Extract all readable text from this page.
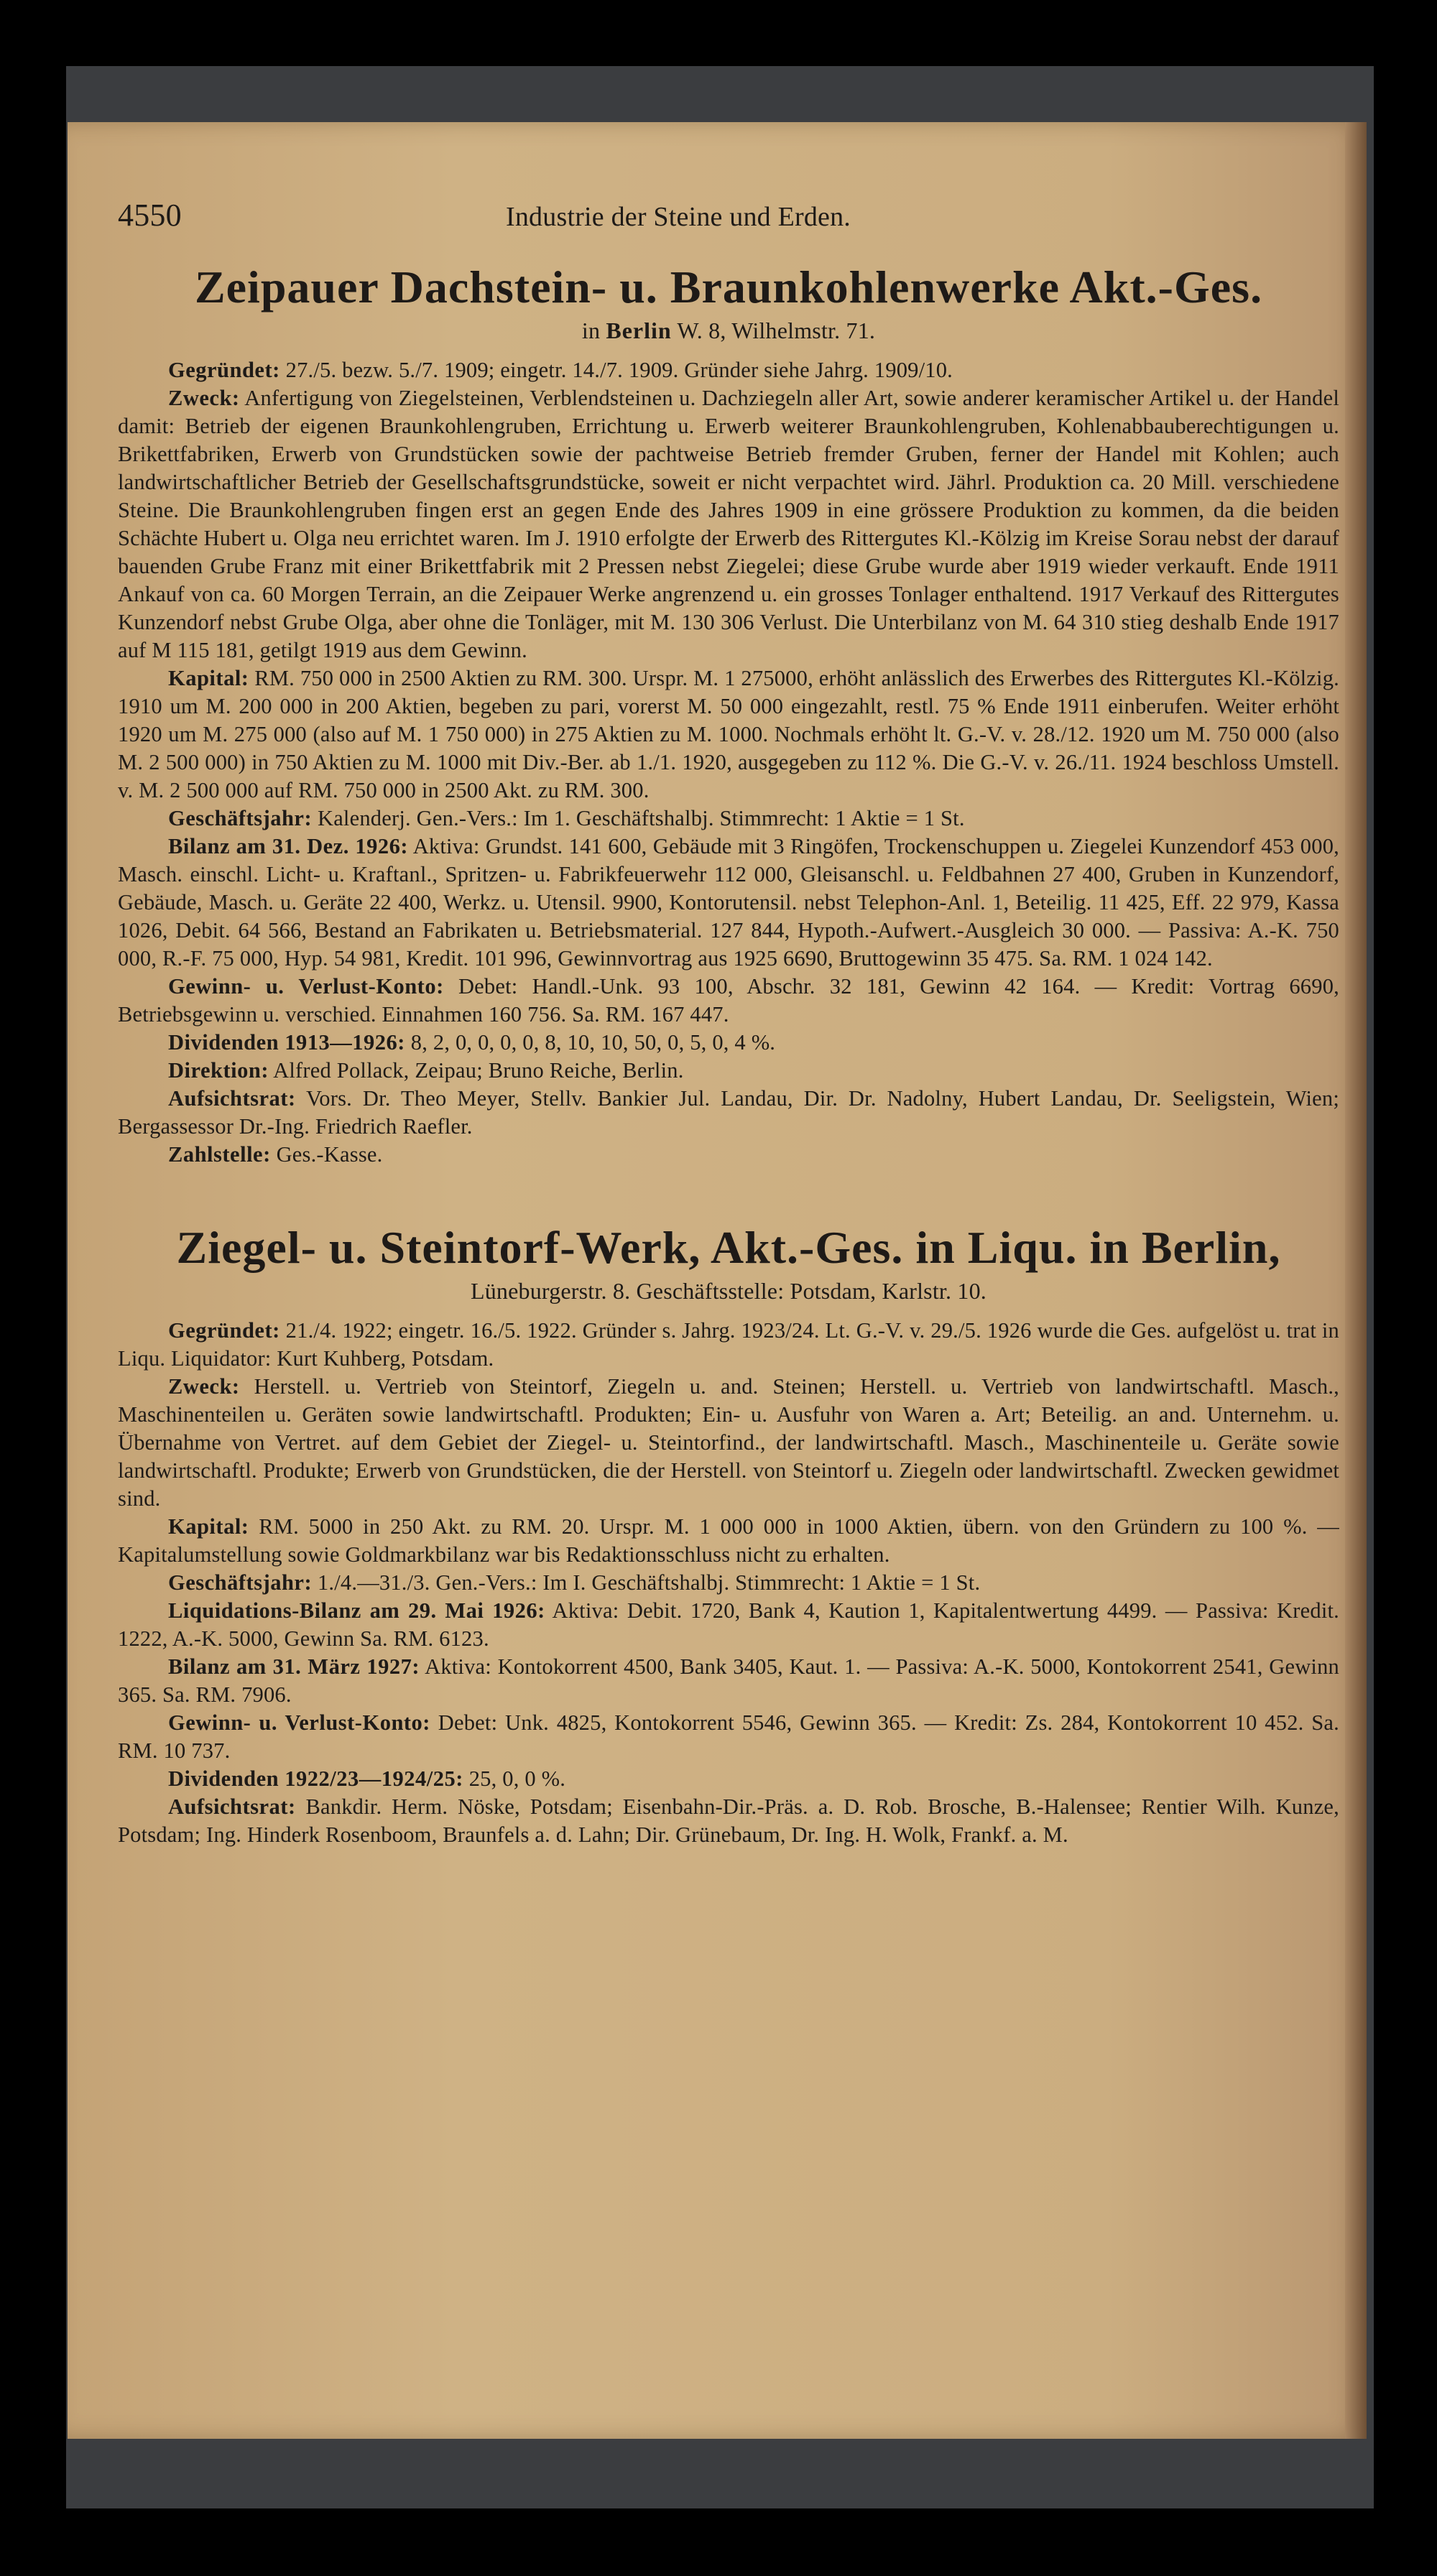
4550	Industrie der Steine und Erden.
Zeipauer Dachstein- u. Braunkohlenwerke Akt.-Ges.
in Berlin W. 8, Wilhelmstr. 71.

Gegründet: 27./5. bezw. 5./7. 1909; eingetr. 14./7. 1909. Gründer siehe Jahrg. 1909/10.

Zweck: Anfertigung von Ziegelsteinen, Verblendsteinen u. Dachziegeln aller Art, sowie anderer keramischer Artikel u. der Handel damit: Betrieb der eigenen Braunkohlengruben, Errichtung u. Erwerb weiterer Braunkohlengruben, Kohlenabbauberechtigungen u. Brikettfabriken, Erwerb von Grundstücken sowie der pachtweise Betrieb fremder Gruben, ferner der Handel mit Kohlen; auch landwirtschaftlicher Betrieb der Gesellschaftsgrundstücke, soweit er nicht verpachtet wird. Jährl. Produktion ca. 20 Mill. verschiedene Steine. Die Braunkohlengruben fingen erst an gegen Ende des Jahres 1909 in eine grössere Produktion zu kommen, da die beiden Schächte Hubert u. Olga neu errichtet waren. Im J. 1910 erfolgte der Erwerb des Rittergutes Kl.-Kölzig im Kreise Sorau nebst der darauf bauenden Grube Franz mit einer Brikettfabrik mit 2 Pressen nebst Ziegelei; diese Grube wurde aber 1919 wieder verkauft. Ende 1911 Ankauf von ca. 60 Morgen Terrain, an die Zeipauer Werke angrenzend u. ein grosses Tonlager enthaltend. 1917 Verkauf des Rittergutes Kunzendorf nebst Grube Olga, aber ohne die Tonläger, mit M. 130 306 Verlust. Die Unterbilanz von M. 64 310 stieg deshalb Ende 1917 auf M 115 181, getilgt 1919 aus dem Gewinn.

Kapital: RM. 750 000 in 2500 Aktien zu RM. 300. Urspr. M. 1 275000, erhöht anlässlich des Erwerbes des Rittergutes Kl.-Kölzig. 1910 um M. 200 000 in 200 Aktien, begeben zu pari, vorerst M. 50 000 eingezahlt, restl. 75 % Ende 1911 einberufen. Weiter erhöht 1920 um M. 275 000 (also auf M. 1 750 000) in 275 Aktien zu M. 1000. Nochmals erhöht lt. G.-V. v. 28./12. 1920 um M. 750 000 (also M. 2 500 000) in 750 Aktien zu M. 1000 mit Div.-Ber. ab 1./1. 1920, ausgegeben zu 112 %. Die G.-V. v. 26./11. 1924 beschloss Umstell. v. M. 2 500 000 auf RM. 750 000 in 2500 Akt. zu RM. 300.

Geschäftsjahr: Kalenderj. Gen.-Vers.: Im 1. Geschäftshalbj. Stimmrecht: 1 Aktie = 1 St.

Bilanz am 31. Dez. 1926: Aktiva: Grundst. 141 600, Gebäude mit 3 Ringöfen, Trockenschuppen u. Ziegelei Kunzendorf 453 000, Masch. einschl. Licht- u. Kraftanl., Spritzen- u. Fabrikfeuerwehr 112 000, Gleisanschl. u. Feldbahnen 27 400, Gruben in Kunzendorf, Gebäude, Masch. u. Geräte 22 400, Werkz. u. Utensil. 9900, Kontorutensil. nebst Telephon-Anl. 1, Beteilig. 11 425, Eff. 22 979, Kassa 1026, Debit. 64 566, Bestand an Fabrikaten u. Betriebsmaterial. 127 844, Hypoth.-Aufwert.-Ausgleich 30 000. — Passiva: A.-K. 750 000, R.-F. 75 000, Hyp. 54 981, Kredit. 101 996, Gewinnvortrag aus 1925 6690, Bruttogewinn 35 475. Sa. RM. 1 024 142.

Gewinn- u. Verlust-Konto: Debet: Handl.-Unk. 93 100, Abschr. 32 181, Gewinn 42 164. — Kredit: Vortrag 6690, Betriebsgewinn u. verschied. Einnahmen 160 756. Sa. RM. 167 447.

Dividenden 1913—1926: 8, 2, 0, 0, 0, 0, 8, 10, 10, 50, 0, 5, 0, 4 %.

Direktion: Alfred Pollack, Zeipau; Bruno Reiche, Berlin.

Aufsichtsrat: Vors. Dr. Theo Meyer, Stellv. Bankier Jul. Landau, Dir. Dr. Nadolny, Hubert Landau, Dr. Seeligstein, Wien; Bergassessor Dr.-Ing. Friedrich Raefler.

Zahlstelle: Ges.-Kasse.

Ziegel- u. Steintorf-Werk, Akt.-Ges. in Liqu. in Berlin,
Lüneburgerstr. 8. Geschäftsstelle: Potsdam, Karlstr. 10.

Gegründet: 21./4. 1922; eingetr. 16./5. 1922. Gründer s. Jahrg. 1923/24. Lt. G.-V. v. 29./5. 1926 wurde die Ges. aufgelöst u. trat in Liqu. Liquidator: Kurt Kuhberg, Potsdam.

Zweck: Herstell. u. Vertrieb von Steintorf, Ziegeln u. and. Steinen; Herstell. u. Vertrieb von landwirtschaftl. Masch., Maschinenteilen u. Geräten sowie landwirtschaftl. Produkten; Ein- u. Ausfuhr von Waren a. Art; Beteilig. an and. Unternehm. u. Übernahme von Vertret. auf dem Gebiet der Ziegel- u. Steintorfind., der landwirtschaftl. Masch., Maschinenteile u. Geräte sowie landwirtschaftl. Produkte; Erwerb von Grundstücken, die der Herstell. von Steintorf u. Ziegeln oder landwirtschaftl. Zwecken gewidmet sind.

Kapital: RM. 5000 in 250 Akt. zu RM. 20. Urspr. M. 1 000 000 in 1000 Aktien, übern. von den Gründern zu 100 %. — Kapitalumstellung sowie Goldmarkbilanz war bis Redaktionsschluss nicht zu erhalten.

Geschäftsjahr: 1./4.—31./3. Gen.-Vers.: Im I. Geschäftshalbj. Stimmrecht: 1 Aktie = 1 St.

Liquidations-Bilanz am 29. Mai 1926: Aktiva: Debit. 1720, Bank 4, Kaution 1, Kapitalentwertung 4499. — Passiva: Kredit. 1222, A.-K. 5000, Gewinn Sa. RM. 6123.

Bilanz am 31. März 1927: Aktiva: Kontokorrent 4500, Bank 3405, Kaut. 1. — Passiva: A.-K. 5000, Kontokorrent 2541, Gewinn 365. Sa. RM. 7906.

Gewinn- u. Verlust-Konto: Debet: Unk. 4825, Kontokorrent 5546, Gewinn 365. — Kredit: Zs. 284, Kontokorrent 10 452. Sa. RM. 10 737.

Dividenden 1922/23—1924/25: 25, 0, 0 %.

Aufsichtsrat: Bankdir. Herm. Nöske, Potsdam; Eisenbahn-Dir.-Präs. a. D. Rob. Brosche, B.-Halensee; Rentier Wilh. Kunze, Potsdam; Ing. Hinderk Rosenboom, Braunfels a. d. Lahn; Dir. Grünebaum, Dr. Ing. H. Wolk, Frankf. a. M.
